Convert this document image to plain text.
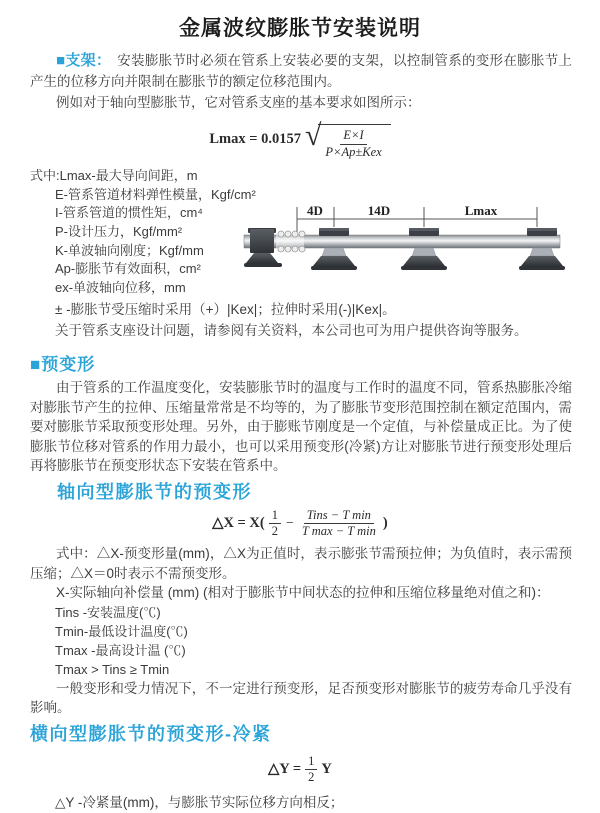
金属波纹膨胀节安装说明

■支架： 安装膨胀节时必须在管系上安装必要的支架，以控制管系的变形在膨胀节上产生的位移方向并限制在膨胀节的额定位移范围内。

例如对于轴向型膨胀节，它对管系支座的基本要求如图所示：

Lmax = 0.0157 √ $\frac{E\times I}{\text{P×Ap±Kex}}$

式中:Lmax-最大导向间距，m

E-管系管道材料弹性模量，Kgf/cm²

I-管系管道的惯性矩，cm⁴

P-设计压力，Kgf/mm²

K-单波轴向刚度；Kgf/mm

Ap-膨胀节有效面积，cm²

ex-单波轴向位移，mm

4D	14D	Lmax

± -膨胀节受压缩时采用（+）|Kex|；拉伸时采用(-)|Kex|。

关于管系支座设计问题，请参阅有关资料，本公司也可为用户提供咨询等服务。

■预变形

由于管系的工作温度变化，安装膨胀节时的温度与工作时的温度不同，管系热膨胀冷缩对膨胀节产生的拉伸、压缩量常常是不均等的，为了膨胀节变形范围控制在额定范围内，需要对膨胀节采取预变形处理。另外，由于膨账节刚度是一个定值，与补偿量成正比。为了使膨胀节位移对管系的作用力最小，也可以采用预变形(冷紧)方让对膨胀节进行预变形处理后再将膨胀节在预变形状态下安装在管系中。

轴向型膨胀节的预变形
△X = $X( \frac{1}{2} - \frac{\text{Tins − T min}}{\text{T max − T min}}$ )

式中：△X-预变形量(mm)，△X为正值时，表示膨张节需预拉伸；为负值时，表示需预压缩；△X＝0时表示不需预变形。

X-实际轴向补偿量 (mm) (相对于膨胀节中间状态的拉伸和压缩位移量绝对值之和)：

Tins -安装温度(℃)

Tmin-最低设计温度(℃)

Tmax -最高设计温 (℃)

Tmax > Tins ≥ Tmin

一般变形和受力情况下，不一定进行预变形，足否预变形对膨胀节的疲劳寿命几乎没有影响。

横向型膨胀节的预变形-冷紧
△Y = $\frac{1}{2}$ Y

△Y -冷紧量(mm)，与膨胀节实际位移方向相反；
